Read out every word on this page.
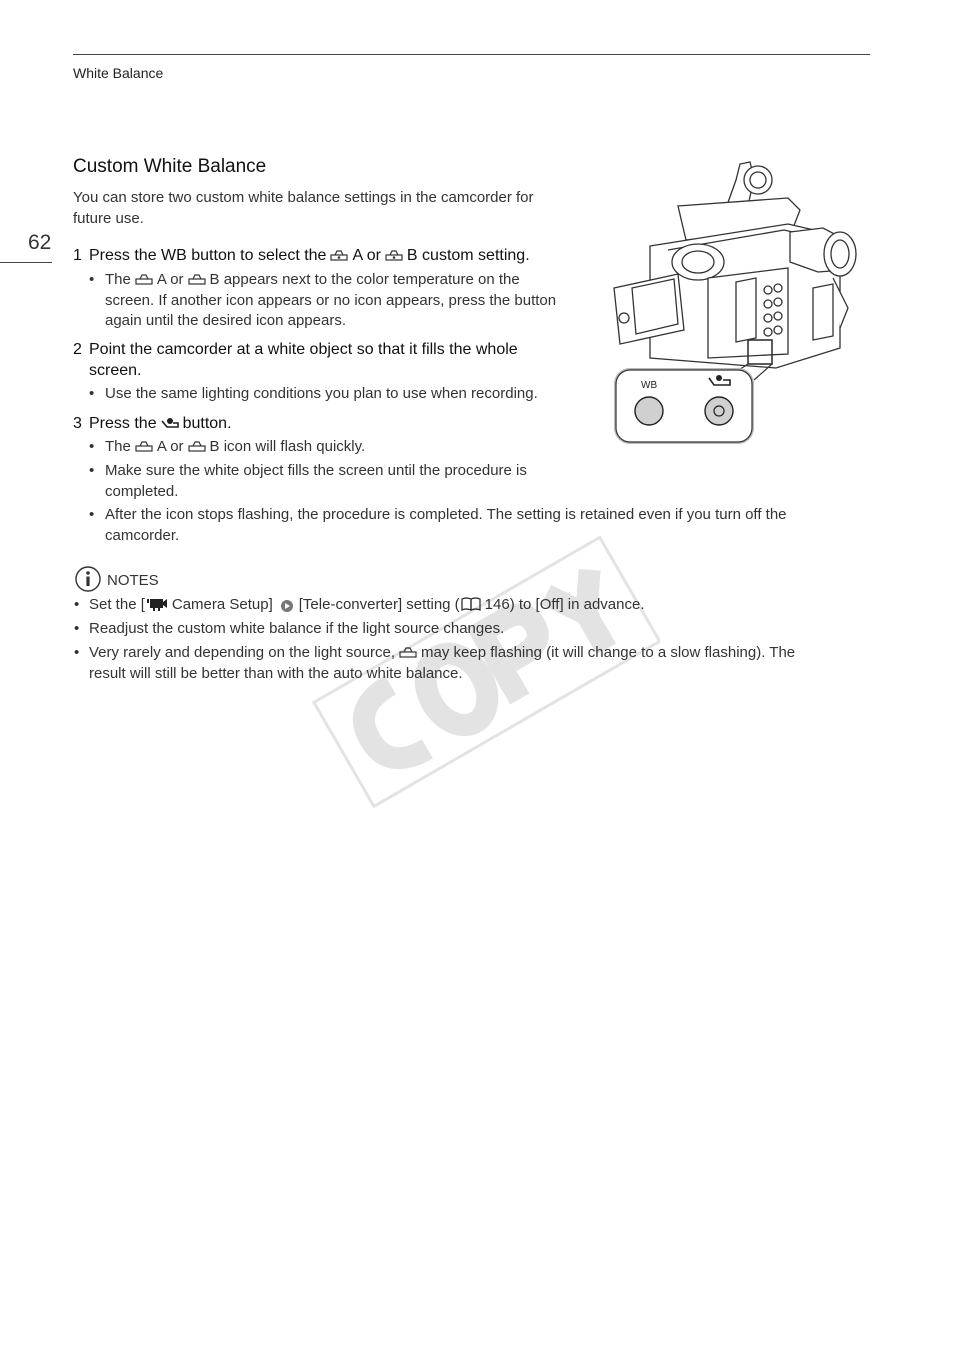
White Balance
62
Custom White Balance
You can store two custom white balance settings in the camcorder for
future use.
1 Press the WB button to select the A or B custom setting.
• The A or B appears next to the color temperature on the
screen. If another icon appears or no icon appears, press the button
again until the desired icon appears.
2 Point the camcorder at a white object so that it fills the whole
screen.
• Use the same lighting conditions you plan to use when recording.
3 Press the button.
• The A or B icon will flash quickly.
• Make sure the white object fills the screen until the procedure is
completed.
• After the icon stops flashing, the procedure is completed. The setting is retained even if you turn off the
camcorder.
NOTES
• Set the [ Camera Setup] [Tele-converter] setting ( 146) to [Off] in advance.
• Readjust the custom white balance if the light source changes.
• Very rarely and depending on the light source, may keep flashing (it will change to a slow flashing). The
result will still be better than with the auto white balance.
WB
